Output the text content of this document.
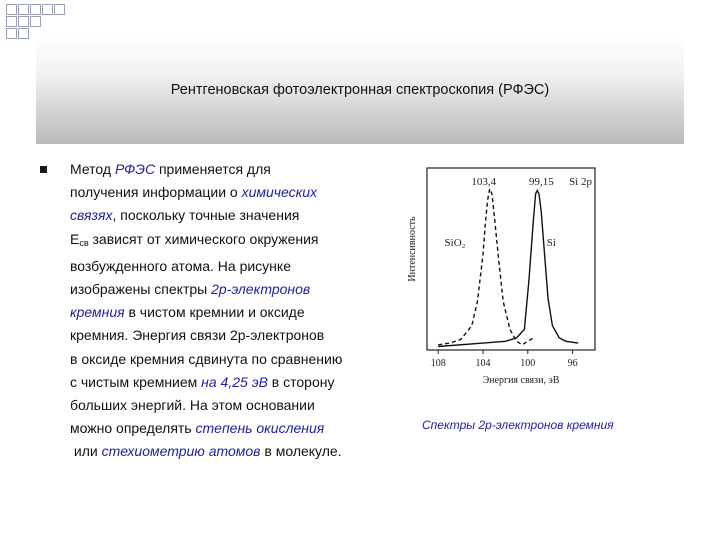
Рентгеновская фотоэлектронная спектроскопия (РФЭС)
Метод РФЭС применяется для
получения информации о химических
связях, поскольку точные значения
$E_{св}$ зависят от химического окружения
возбужденного атома. На рисунке
изображены спектры 2р-электронов
кремния в чистом кремнии и оксиде
кремния. Энергия связи 2р-электронов
в оксиде кремния сдвинута по сравнению
с чистым кремнием на 4,25 эВ в сторону
больших энергий. На этом основании
можно определять степень окисления
или стехиометрию атомов в молекуле.
108	104	100	96
Энергия связи, эВ
Интенсивность
Si 2p
103,4
SiO₂
99,15
Si
Спектры 2р-электронов кремния
